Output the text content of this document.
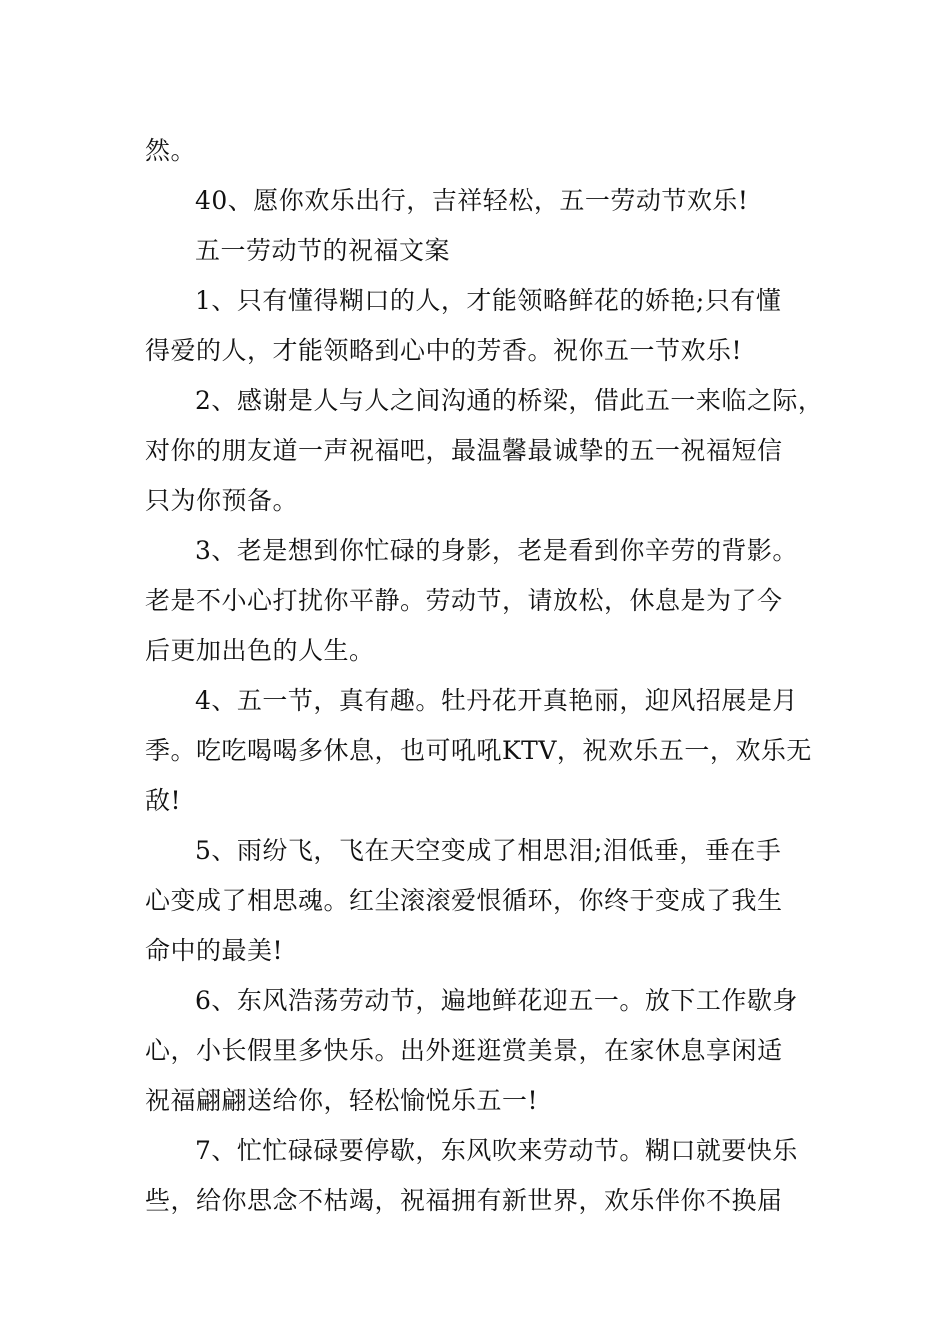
然。

40、愿你欢乐出行，吉祥轻松，五一劳动节欢乐!

五一劳动节的祝福文案

1、只有懂得糊口的人，才能领略鲜花的娇艳;只有懂
得爱的人，才能领略到心中的芳香。祝你五一节欢乐!

2、感谢是人与人之间沟通的桥梁，借此五一来临之际，
对你的朋友道一声祝福吧，最温馨最诚挚的五一祝福短信
只为你预备。

3、老是想到你忙碌的身影，老是看到你辛劳的背影。
老是不小心打扰你平静。劳动节，请放松，休息是为了今
后更加出色的人生。

4、五一节，真有趣。牡丹花开真艳丽，迎风招展是月
季。吃吃喝喝多休息，也可吼吼KTV，祝欢乐五一，欢乐无
敌!

5、雨纷飞，飞在天空变成了相思泪;泪低垂，垂在手
心变成了相思魂。红尘滚滚爱恨循环，你终于变成了我生
命中的最美!

6、东风浩荡劳动节，遍地鲜花迎五一。放下工作歇身
心，小长假里多快乐。出外逛逛赏美景，在家休息享闲适
祝福翩翩送给你，轻松愉悦乐五一!

7、忙忙碌碌要停歇，东风吹来劳动节。糊口就要快乐
些，给你思念不枯竭，祝福拥有新世界，欢乐伴你不换届
